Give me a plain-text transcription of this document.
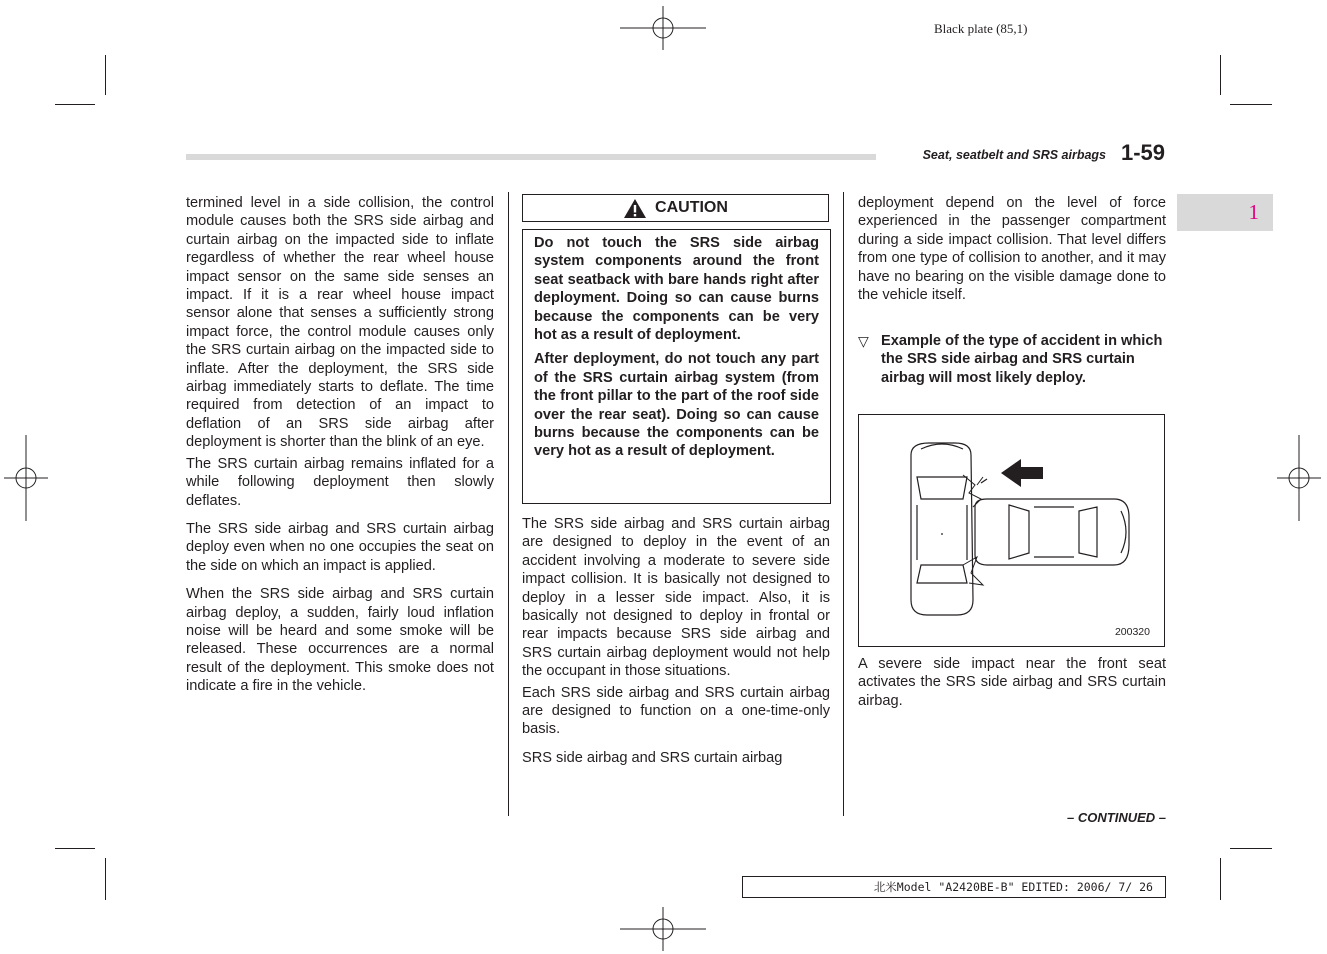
Black plate (85,1)
Seat, seatbelt and SRS airbags 1-59
1

termined level in a side collision, the control module causes both the SRS side airbag and curtain airbag on the impacted side to inflate regardless of whether the rear wheel house impact sensor on the same side senses an impact. If it is a rear wheel house impact sensor alone that senses a sufficiently strong impact force, the control module causes only the SRS curtain airbag on the impacted side to inflate. After the deployment, the SRS side airbag immediately starts to deflate. The time required from detection of an impact to deflation of an SRS side airbag after deployment is shorter than the blink of an eye.

The SRS curtain airbag remains inflated for a while following deployment then slowly deflates.

The SRS side airbag and SRS curtain airbag deploy even when no one occupies the seat on the side on which an impact is applied.

When the SRS side airbag and SRS curtain airbag deploy, a sudden, fairly loud inflation noise will be heard and some smoke will be released. These occurrences are a normal result of the deployment. This smoke does not indicate a fire in the vehicle.

CAUTION

Do not touch the SRS side airbag system components around the front seat seatback with bare hands right after deployment. Doing so can cause burns because the components can be very hot as a result of deployment.

After deployment, do not touch any part of the SRS curtain airbag system (from the front pillar to the part of the roof side over the rear seat). Doing so can cause burns because the components can be very hot as a result of deployment.

The SRS side airbag and SRS curtain airbag are designed to deploy in the event of an accident involving a moderate to severe side impact collision. It is basically not designed to deploy in a lesser side impact. Also, it is basically not designed to deploy in frontal or rear impacts because SRS side airbag and SRS curtain airbag deployment would not help the occupant in those situations.

Each SRS side airbag and SRS curtain airbag are designed to function on a one-time-only basis.

SRS side airbag and SRS curtain airbag

deployment depend on the level of force experienced in the passenger compartment during a side impact collision. That level differs from one type of collision to another, and it may have no bearing on the visible damage done to the vehicle itself.

▽ Example of the type of accident in which the SRS side airbag and SRS curtain airbag will most likely deploy.
200320

A severe side impact near the front seat activates the SRS side airbag and SRS curtain airbag.

– CONTINUED –
北米Model "A2420BE-B" EDITED: 2006/ 7/ 26
